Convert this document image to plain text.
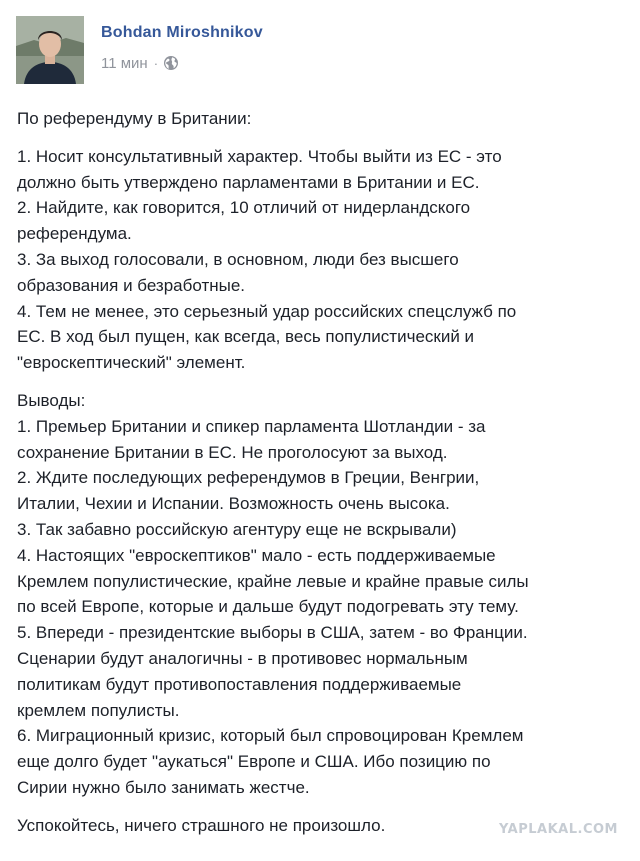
Bohdan Miroshnikov
11 мин ·

По референдуму в Британии:

1. Носит консультативный характер. Чтобы выйти из ЕС - это
должно быть утверждено парламентами в Британии и ЕС.
2. Найдите, как говорится, 10 отличий от нидерландского
референдума.
3. За выход голосовали, в основном, люди без высшего
образования и безработные.
4. Тем не менее, это серьезный удар российских спецслужб по
ЕС. В ход был пущен, как всегда, весь популистический и
"евроскептический" элемент.

Выводы:
1. Премьер Британии и спикер парламента Шотландии - за
сохранение Британии в ЕС. Не проголосуют за выход.
2. Ждите последующих референдумов в Греции, Венгрии,
Италии, Чехии и Испании. Возможность очень высока.
3. Так забавно российскую агентуру еще не вскрывали)
4. Настоящих "евроскептиков" мало - есть поддерживаемые
Кремлем популистические, крайне левые и крайне правые силы
по всей Европе, которые и дальше будут подогревать эту тему.
5. Впереди - президентские выборы в США, затем - во Франции.
Сценарии будут аналогичны - в противовес нормальным
политикам будут противопоставления поддерживаемые
кремлем популисты.
6. Миграционный кризис, который был спровоцирован Кремлем
еще долго будет "аукаться" Европе и США. Ибо позицию по
Сирии нужно было занимать жестче.

Успокойтесь, ничего страшного не произошло.	YAPLAKAL.COM
